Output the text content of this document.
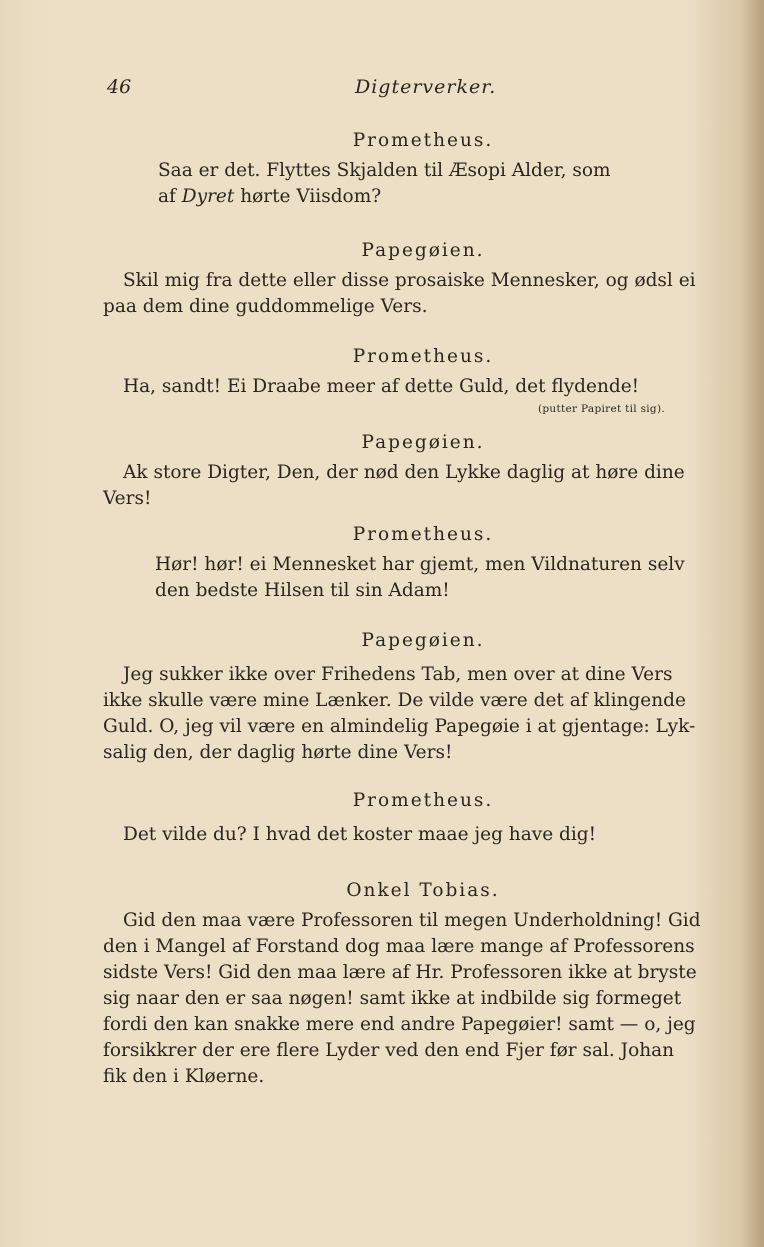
46	Digterverker.

Prometheus.

Saa er det. Flyttes Skjalden til Æsopi Alder, som
af Dyret hørte Viisdom?

Papegøien.

Skil mig fra dette eller disse prosaiske Mennesker, og ødsl ei
paa dem dine guddommelige Vers.

Prometheus.

Ha, sandt! Ei Draabe meer af dette Guld, det flydende!

(putter Papiret til sig).

Papegøien.

Ak store Digter, Den, der nød den Lykke daglig at høre dine
Vers!

Prometheus.

Hør! hør! ei Mennesket har gjemt, men Vildnaturen selv
den bedste Hilsen til sin Adam!

Papegøien.

Jeg sukker ikke over Frihedens Tab, men over at dine Vers
ikke skulle være mine Lænker. De vilde være det af klingende
Guld. O, jeg vil være en almindelig Papegøie i at gjentage: Lyk-
salig den, der daglig hørte dine Vers!

Prometheus.

Det vilde du? I hvad det koster maae jeg have dig!

Onkel Tobias.

Gid den maa være Professoren til megen Underholdning! Gid
den i Mangel af Forstand dog maa lære mange af Professorens
sidste Vers! Gid den maa lære af Hr. Professoren ikke at bryste
sig naar den er saa nøgen! samt ikke at indbilde sig formeget
fordi den kan snakke mere end andre Papegøier! samt — o, jeg
forsikkrer der ere flere Lyder ved den end Fjer før sal. Johan
fik den i Kløerne.
